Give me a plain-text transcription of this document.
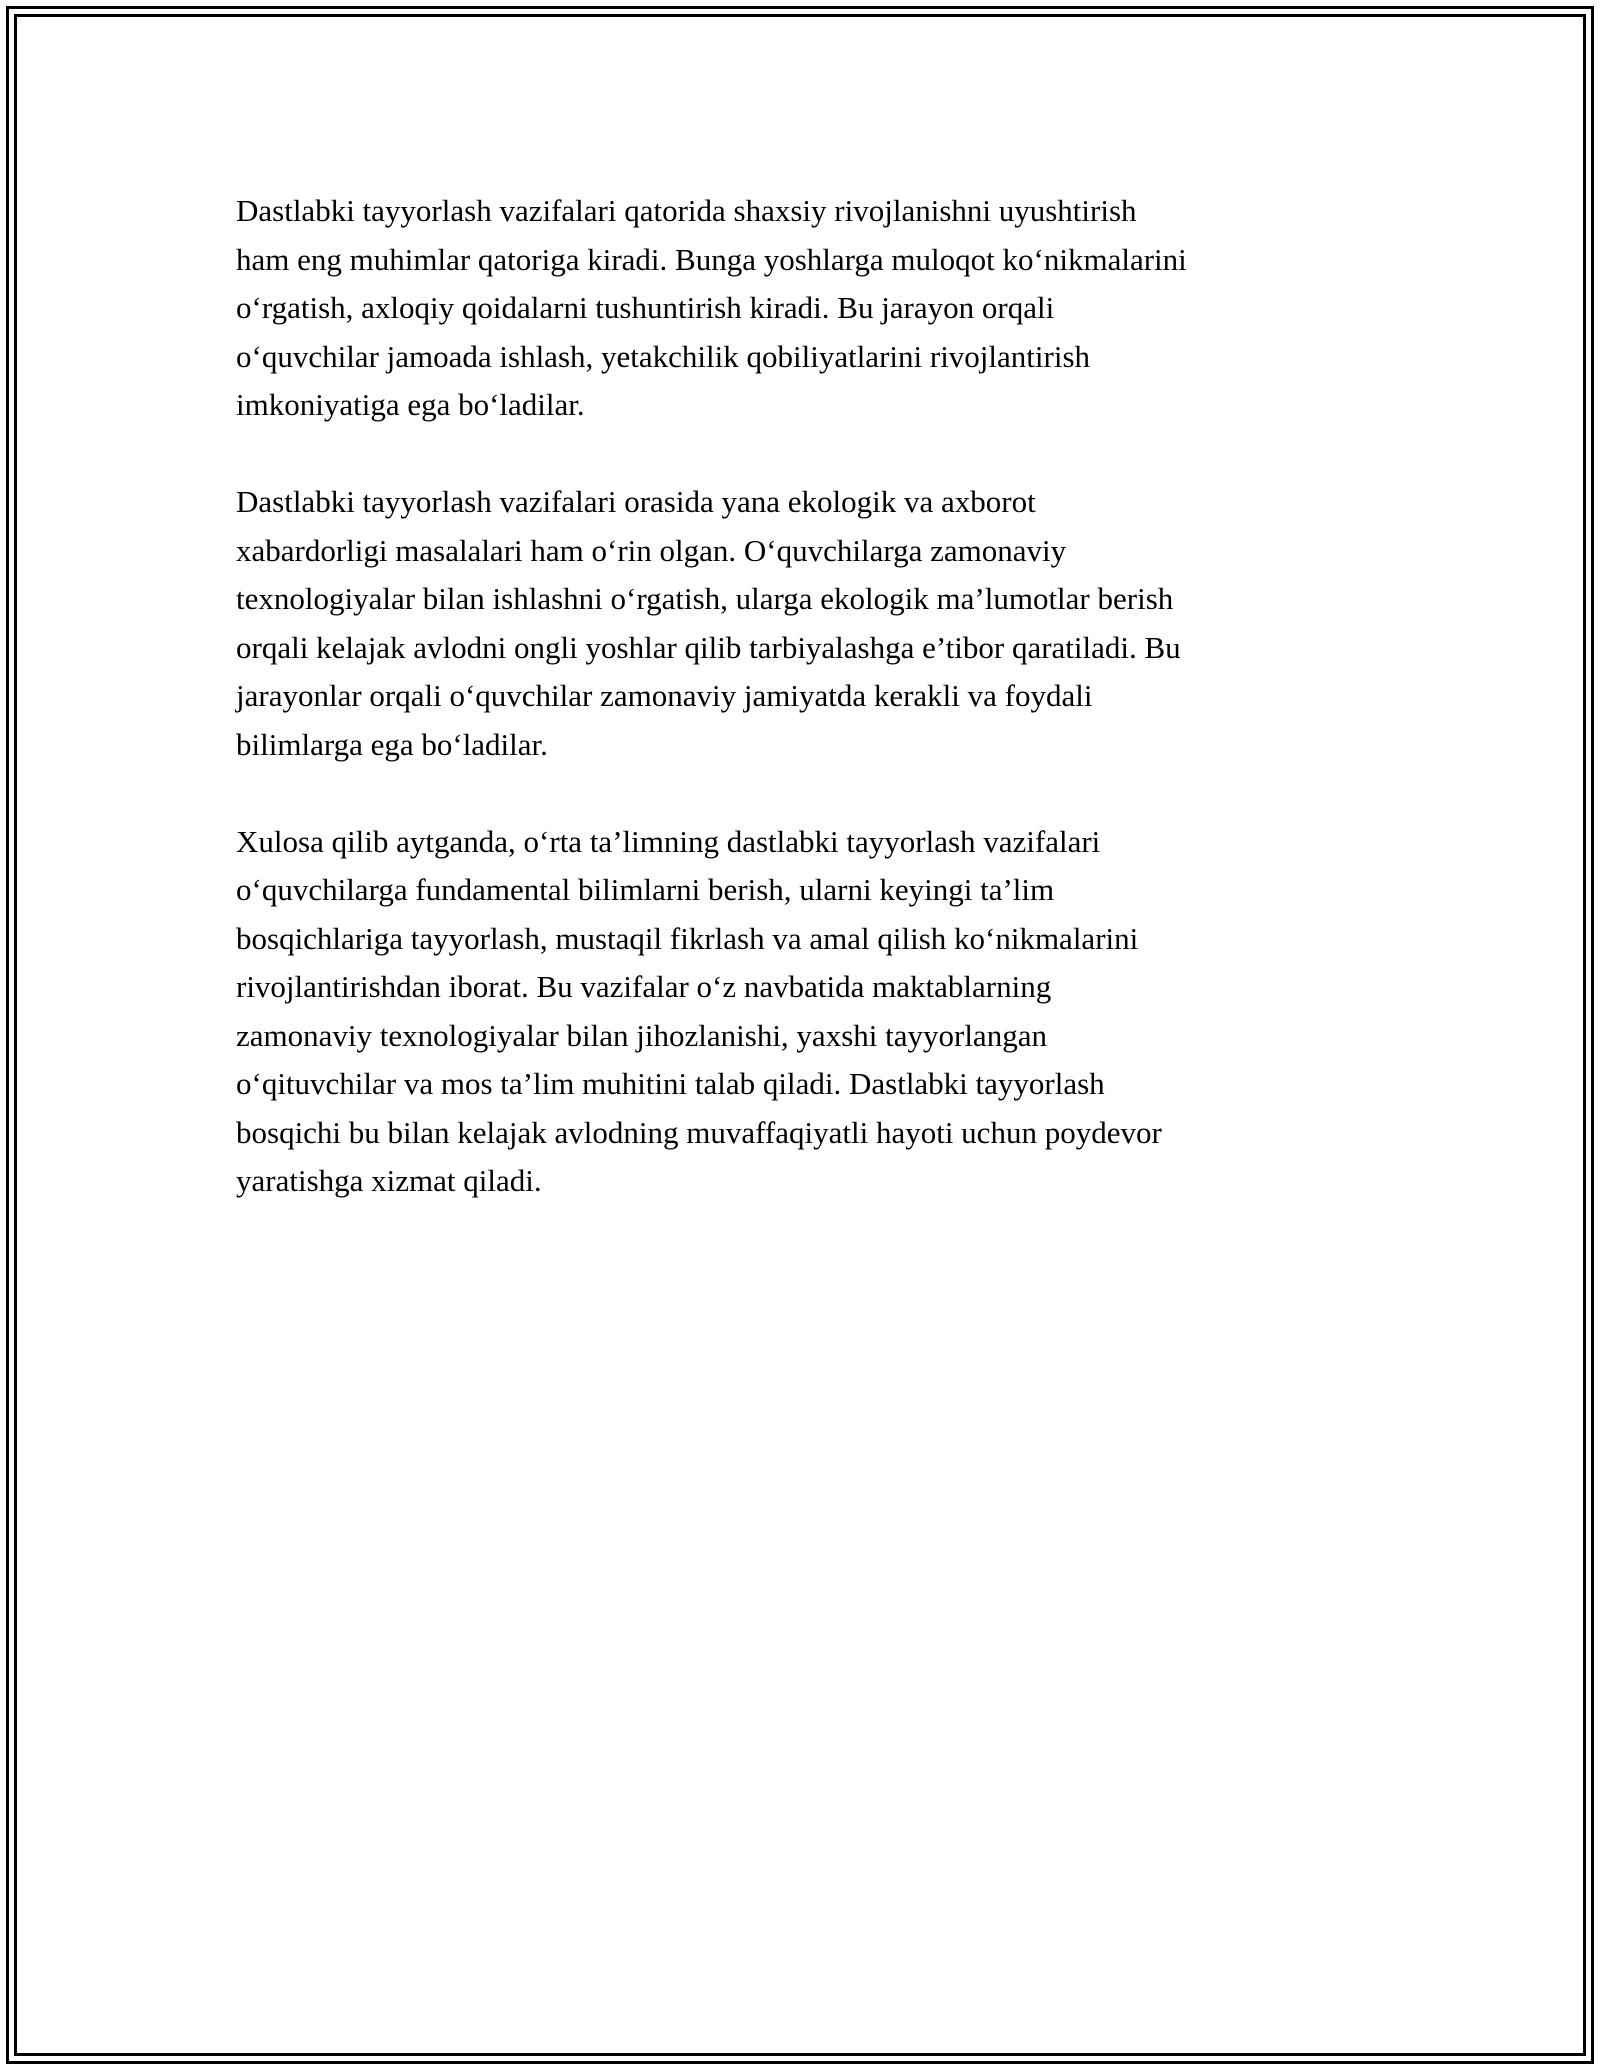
Dastlabki tayyorlash vazifalari qatorida shaxsiy rivojlanishni uyushtirish
ham eng muhimlar qatoriga kiradi. Bunga yoshlarga muloqot ko‘nikmalarini
o‘rgatish, axloqiy qoidalarni tushuntirish kiradi. Bu jarayon orqali
o‘quvchilar jamoada ishlash, yetakchilik qobiliyatlarini rivojlantirish
imkoniyatiga ega bo‘ladilar.

Dastlabki tayyorlash vazifalari orasida yana ekologik va axborot
xabardorligi masalalari ham o‘rin olgan. O‘quvchilarga zamonaviy
texnologiyalar bilan ishlashni o‘rgatish, ularga ekologik ma’lumotlar berish
orqali kelajak avlodni ongli yoshlar qilib tarbiyalashga e’tibor qaratiladi. Bu
jarayonlar orqali o‘quvchilar zamonaviy jamiyatda kerakli va foydali
bilimlarga ega bo‘ladilar.

Xulosa qilib aytganda, o‘rta ta’limning dastlabki tayyorlash vazifalari
o‘quvchilarga fundamental bilimlarni berish, ularni keyingi ta’lim
bosqichlariga tayyorlash, mustaqil fikrlash va amal qilish ko‘nikmalarini
rivojlantirishdan iborat. Bu vazifalar o‘z navbatida maktablarning
zamonaviy texnologiyalar bilan jihozlanishi, yaxshi tayyorlangan
o‘qituvchilar va mos ta’lim muhitini talab qiladi. Dastlabki tayyorlash
bosqichi bu bilan kelajak avlodning muvaffaqiyatli hayoti uchun poydevor
yaratishga xizmat qiladi.
